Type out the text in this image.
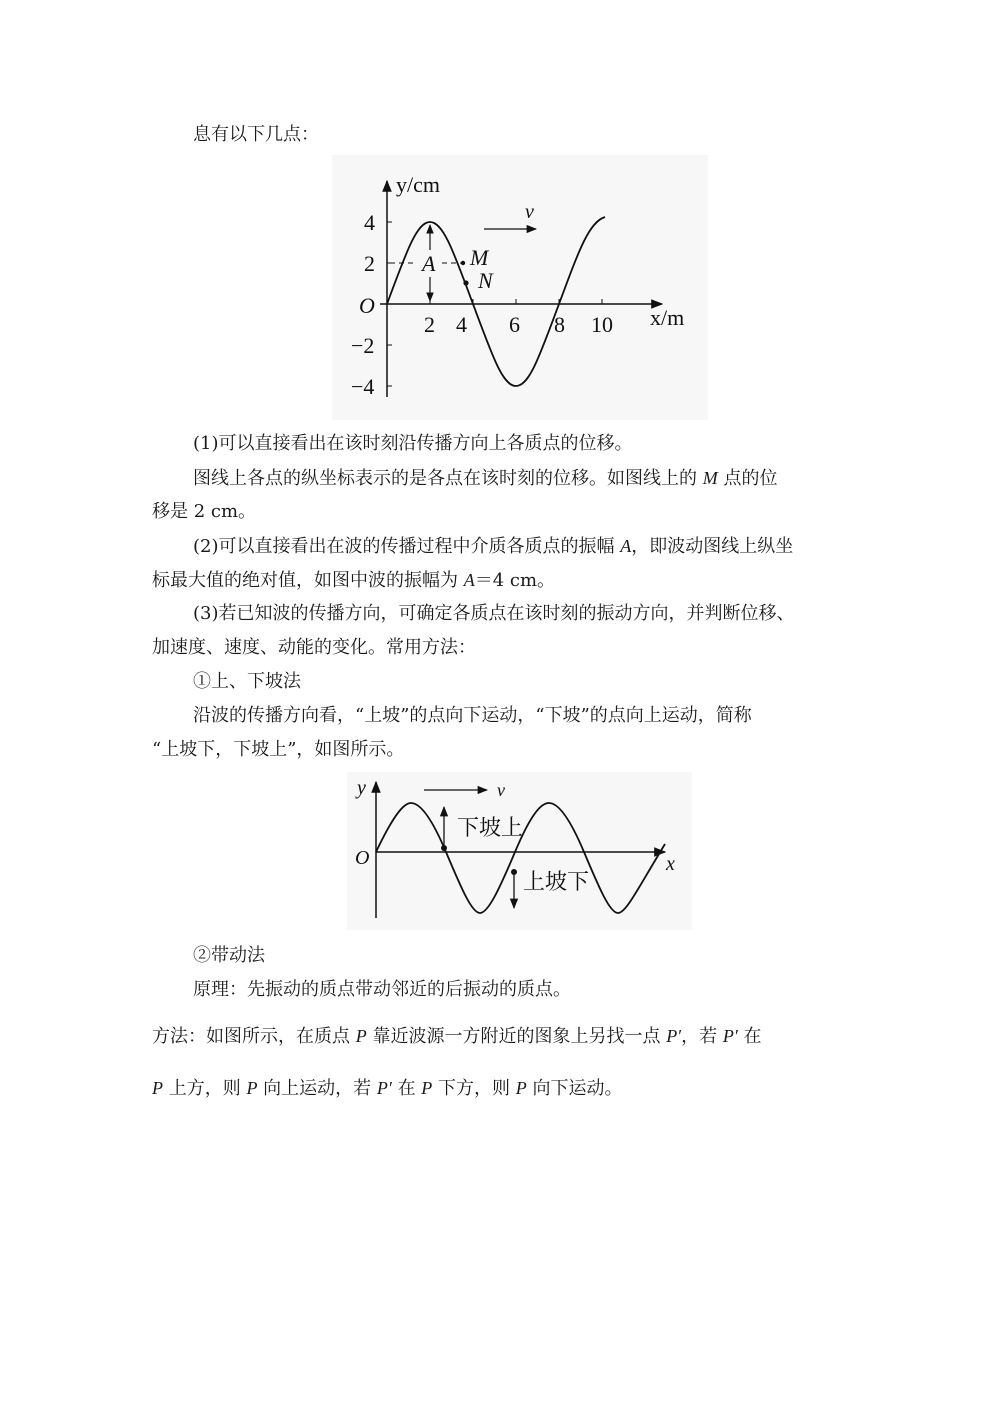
息有以下几点：
A M
N
v
y/cm
x/m
O
4
2
−2
−4
2 4 6 8 10
(1)可以直接看出在该时刻沿传播方向上各质点的位移。
图线上各点的纵坐标表示的是各点在该时刻的位移。如图线上的 M 点的位
移是 2 cm。
(2)可以直接看出在波的传播过程中介质各质点的振幅 A，即波动图线上纵坐
标最大值的绝对值，如图中波的振幅为 A＝4 cm。
(3)若已知波的传播方向，可确定各质点在该时刻的振动方向，并判断位移、
加速度、速度、动能的变化。常用方法：
①上、下坡法
沿波的传播方向看，“上坡”的点向下运动，“下坡”的点向上运动，简称
“上坡下，下坡上”，如图所示。
v
y
x
O
下坡上
上坡下
②带动法
原理：先振动的质点带动邻近的后振动的质点。
方法：如图所示，在质点 P 靠近波源一方附近的图象上另找一点 P′，若 P′ 在
P 上方，则 P 向上运动，若 P′ 在 P 下方，则 P 向下运动。
